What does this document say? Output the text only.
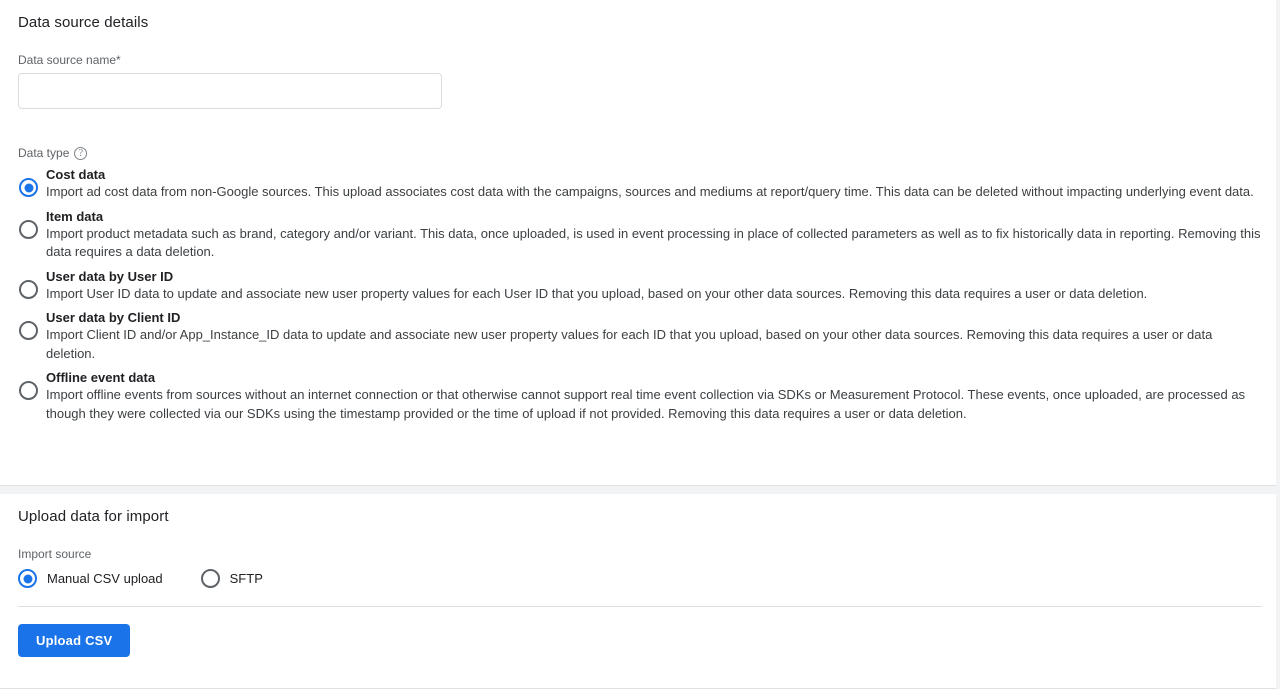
Data source details
Data source name*
Data type ?
Cost data
Import ad cost data from non-Google sources. This upload associates cost data with the campaigns, sources and mediums at report/query time. This data can be deleted without impacting underlying event data.
Item data
Import product metadata such as brand, category and/or variant. This data, once uploaded, is used in event processing in place of collected parameters as well as to fix historically data in reporting. Removing this data requires a data deletion.
User data by User ID
Import User ID data to update and associate new user property values for each User ID that you upload, based on your other data sources. Removing this data requires a user or data deletion.
User data by Client ID
Import Client ID and/or App_Instance_ID data to update and associate new user property values for each ID that you upload, based on your other data sources. Removing this data requires a user or data deletion.
Offline event data
Import offline events from sources without an internet connection or that otherwise cannot support real time event collection via SDKs or Measurement Protocol. These events, once uploaded, are processed as though they were collected via our SDKs using the timestamp provided or the time of upload if not provided. Removing this data requires a user or data deletion.
Upload data for import
Import source
Manual CSV upload	SFTP
Upload CSV
